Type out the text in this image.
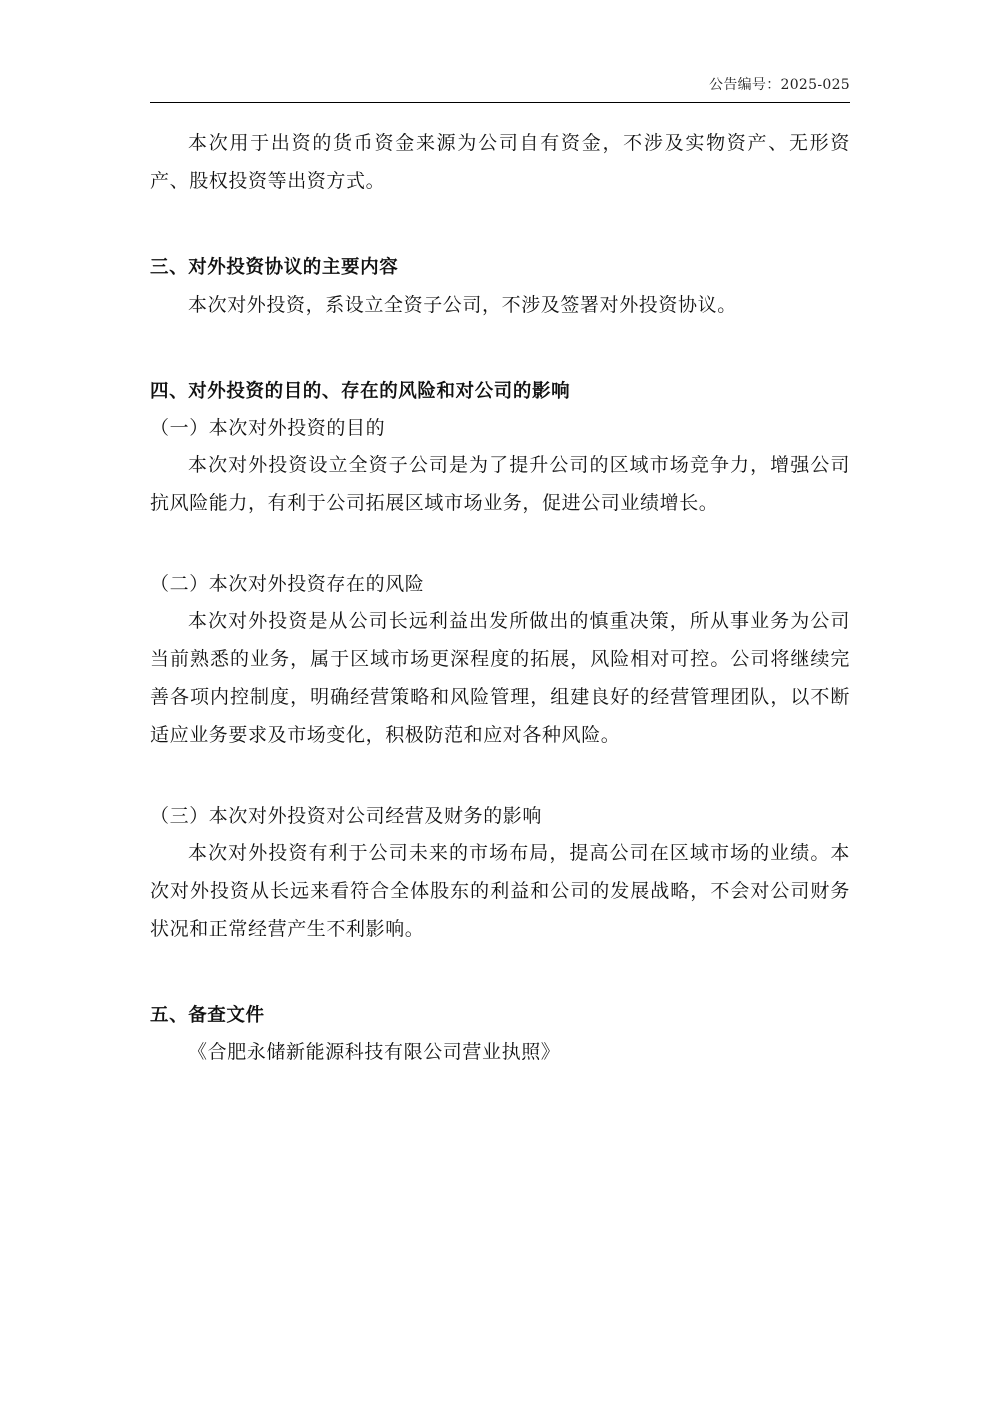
公告编号：2025-025

本次用于出资的货币资金来源为公司自有资金，不涉及实物资产、无形资产、股权投资等出资方式。

三、对外投资协议的主要内容

本次对外投资，系设立全资子公司，不涉及签署对外投资协议。

四、对外投资的目的、存在的风险和对公司的影响

（一）本次对外投资的目的

本次对外投资设立全资子公司是为了提升公司的区域市场竞争力，增强公司抗风险能力，有利于公司拓展区域市场业务，促进公司业绩增长。

（二）本次对外投资存在的风险

本次对外投资是从公司长远利益出发所做出的慎重决策，所从事业务为公司当前熟悉的业务，属于区域市场更深程度的拓展，风险相对可控。公司将继续完善各项内控制度，明确经营策略和风险管理，组建良好的经营管理团队，以不断适应业务要求及市场变化，积极防范和应对各种风险。

（三）本次对外投资对公司经营及财务的影响

本次对外投资有利于公司未来的市场布局，提高公司在区域市场的业绩。本次对外投资从长远来看符合全体股东的利益和公司的发展战略，不会对公司财务状况和正常经营产生不利影响。

五、备查文件

《合肥永储新能源科技有限公司营业执照》
